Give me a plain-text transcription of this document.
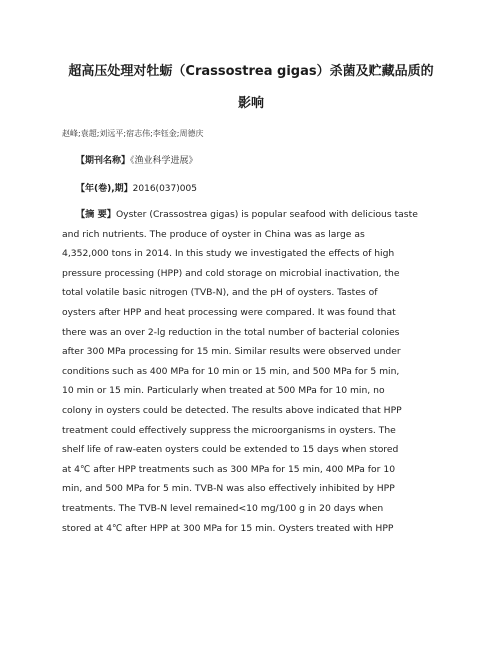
超高压处理对牡蛎（Crassostrea gigas）杀菌及贮藏品质的
影响
赵峰;袁超;刘远平;宿志伟;李钰金;周德庆
【期刊名称】《渔业科学进展》
【年(卷),期】2016(037)005
【摘 要】Oyster (Crassostrea gigas) is popular seafood with delicious taste
and rich nutrients. The produce of oyster in China was as large as
4,352,000 tons in 2014. In this study we investigated the effects of high
pressure processing (HPP) and cold storage on microbial inactivation, the
total volatile basic nitrogen (TVB-N), and the pH of oysters. Tastes of
oysters after HPP and heat processing were compared. It was found that
there was an over 2-lg reduction in the total number of bacterial colonies
after 300 MPa processing for 15 min. Similar results were observed under
conditions such as 400 MPa for 10 min or 15 min, and 500 MPa for 5 min,
10 min or 15 min. Particularly when treated at 500 MPa for 10 min, no
colony in oysters could be detected. The results above indicated that HPP
treatment could effectively suppress the microorganisms in oysters. The
shelf life of raw-eaten oysters could be extended to 15 days when stored
at 4℃ after HPP treatments such as 300 MPa for 15 min, 400 MPa for 10
min, and 500 MPa for 5 min. TVB-N was also effectively inhibited by HPP
treatments. The TVB-N level remained<10 mg/100 g in 20 days when
stored at 4℃ after HPP at 300 MPa for 15 min. Oysters treated with HPP
